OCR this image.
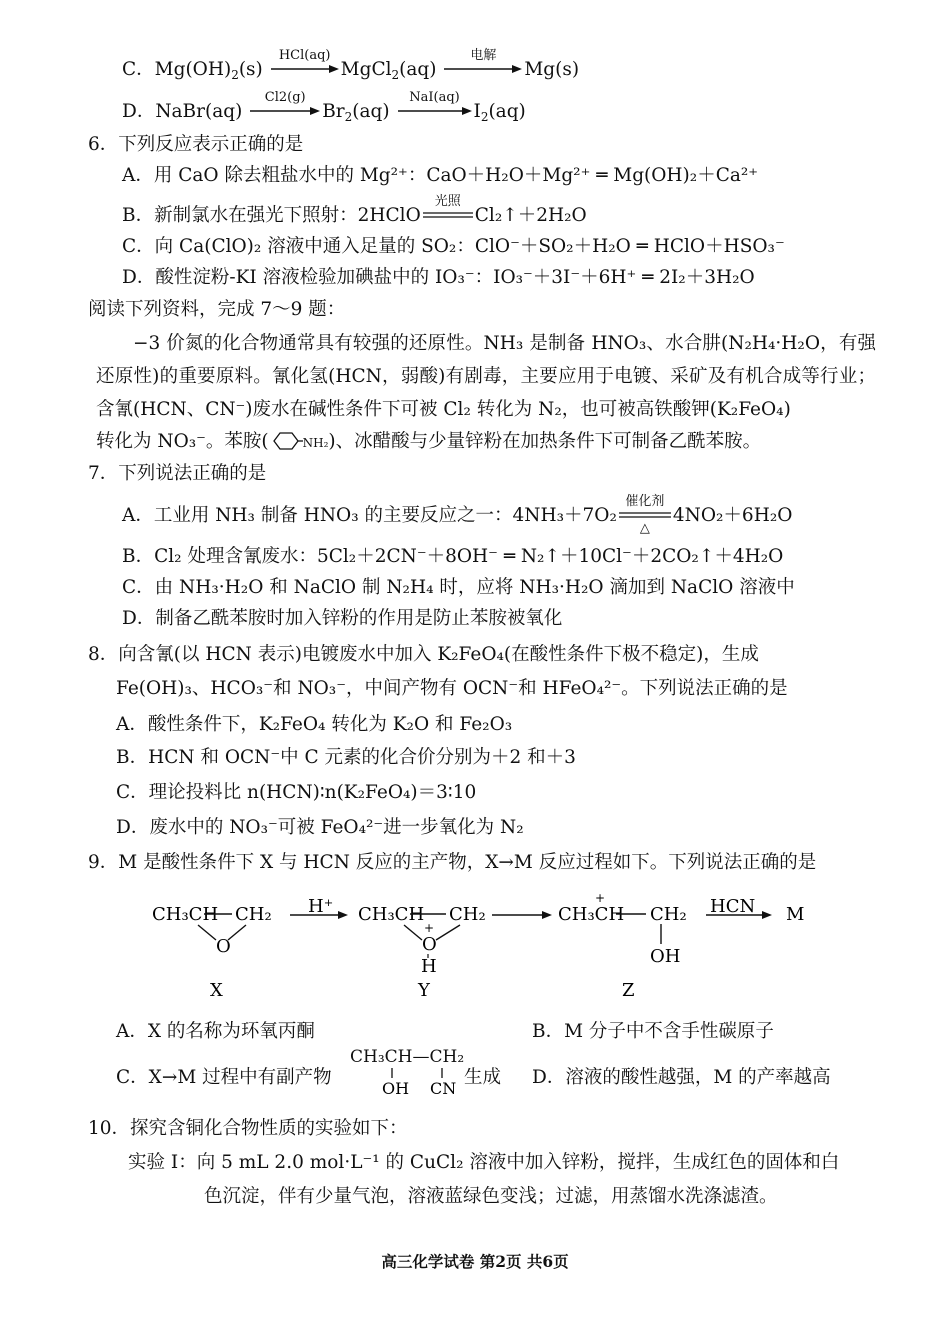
C．$Mg(OH)_2(s)$
HCl(aq)
MgCl$_2$(aq)
电解
Mg(s)
D．NaBr(aq)
Cl2(g)
$Br_2(aq)$
NaI(aq)
$I_2(aq)$
6．下列反应表示正确的是
A．用 CaO 除去粗盐水中的 Mg²⁺：CaO＋H₂O＋Mg²⁺ ═ Mg(OH)₂＋Ca²⁺
B．新制氯水在强光下照射：2HClO
光照
Cl₂↑＋2H₂O
C．向 Ca(ClO)₂ 溶液中通入足量的 SO₂：ClO⁻＋SO₂＋H₂O ═ HClO＋HSO₃⁻
D．酸性淀粉-KI 溶液检验加碘盐中的 IO₃⁻：IO₃⁻＋3I⁻＋6H⁺ ═ 2I₂＋3H₂O
阅读下列资料，完成 7～9 题：
−3 价氮的化合物通常具有较强的还原性。NH₃ 是制备 HNO₃、水合肼(N₂H₄·H₂O，有强还原性)的重要原料。氰化氢(HCN，弱酸)有剧毒，主要应用于电镀、采矿及有机合成等行业；含氰(HCN、CN⁻)废水在碱性条件下可被 Cl₂ 转化为 N₂，也可被高铁酸钾(K₂FeO₄)
转化为 NO₃⁻。苯胺(	NH₂)、冰醋酸与少量锌粉在加热条件下可制备乙酰苯胺。
7．下列说法正确的是
A．工业用 NH₃ 制备 HNO₃ 的主要反应之一：4NH₃＋7O₂
催化剂
△
4NO₂＋6H₂O
B．Cl₂ 处理含氰废水：5Cl₂＋2CN⁻＋8OH⁻ ═ N₂↑＋10Cl⁻＋2CO₂↑＋4H₂O
C．由 NH₃·H₂O 和 NaClO 制 N₂H₄ 时，应将 NH₃·H₂O 滴加到 NaClO 溶液中
D．制备乙酰苯胺时加入锌粉的作用是防止苯胺被氧化
8．向含氰(以 HCN 表示)电镀废水中加入 K₂FeO₄(在酸性条件下极不稳定)，生成
Fe(OH)₃、HCO₃⁻和 NO₃⁻，中间产物有 OCN⁻和 HFeO₄²⁻。下列说法正确的是
A．酸性条件下，K₂FeO₄ 转化为 K₂O 和 Fe₂O₃
B．HCN 和 OCN⁻中 C 元素的化合价分别为＋2 和＋3
C．理论投料比 n(HCN)∶n(K₂FeO₄)＝3∶10
D．废水中的 NO₃⁻可被 FeO₄²⁻进一步氧化为 N₂
9．M 是酸性条件下 X 与 HCN 反应的主产物，X→M 反应过程如下。下列说法正确的是
CH₃CH CH₂
O
X
H⁺ CH₃CH CH₂
+
O
H
Y
CH₃CH
+
CH₂
OH
Z
HCN M
A．X 的名称为环氧丙酮	B．M 分子中不含手性碳原子
C．X→M 过程中有副产物
CH₃CH—CH₂
OH CN
生成 D．溶液的酸性越强，M 的产率越高
10．探究含铜化合物性质的实验如下：
实验 I：向 5 mL 2.0 mol·L⁻¹ 的 CuCl₂ 溶液中加入锌粉，搅拌，生成红色的固体和白
色沉淀，伴有少量气泡，溶液蓝绿色变浅；过滤，用蒸馏水洗涤滤渣。
高三化学试卷 第2页 共6页
